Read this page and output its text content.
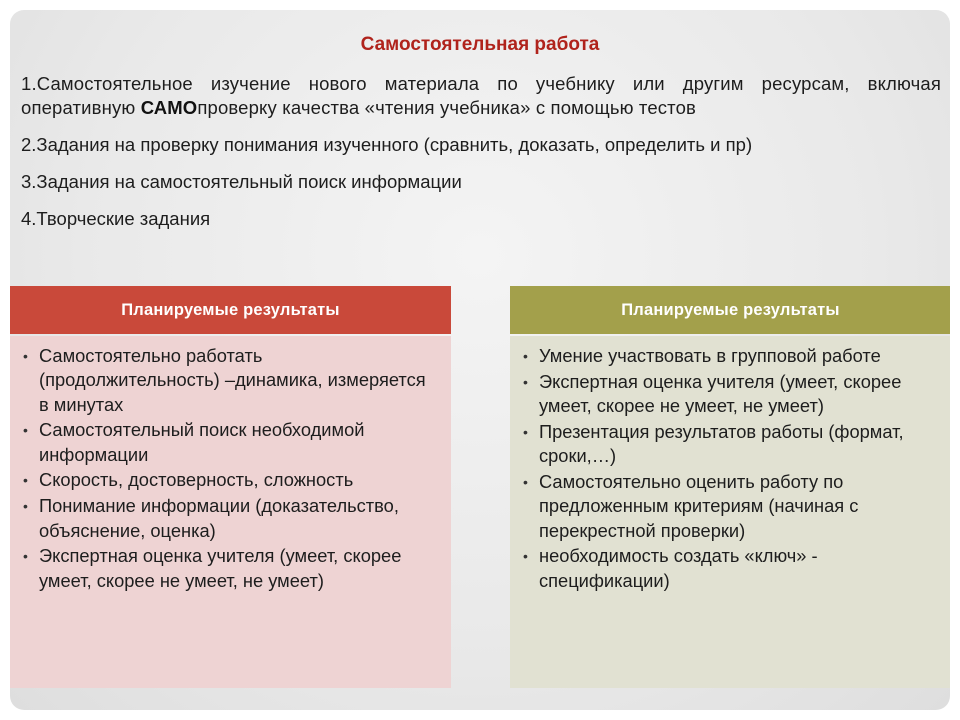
Самостоятельная работа

1.Самостоятельное изучение нового материала по учебнику или другим ресурсам, включая оперативную САМОпроверку качества «чтения учебника» с помощью тестов

2.Задания на проверку понимания изученного (сравнить, доказать, определить и пр)

3.Задания на самостоятельный поиск информации

4.Творческие задания

Планируемые результаты
• Самостоятельно работать (продолжительность) –динамика, измеряется в минутах
• Самостоятельный поиск необходимой информации
• Скорость, достоверность, сложность
• Понимание информации (доказательство, объяснение, оценка)
• Экспертная оценка учителя (умеет, скорее умеет, скорее не умеет, не умеет)
Планируемые результаты
• Умение участвовать в групповой работе
• Экспертная оценка учителя (умеет, скорее умеет, скорее не умеет, не умеет)
• Презентация результатов работы (формат, сроки,…)
• Самостоятельно оценить работу по предложенным критериям (начиная с перекрестной проверки)
• необходимость создать «ключ» - спецификации)
